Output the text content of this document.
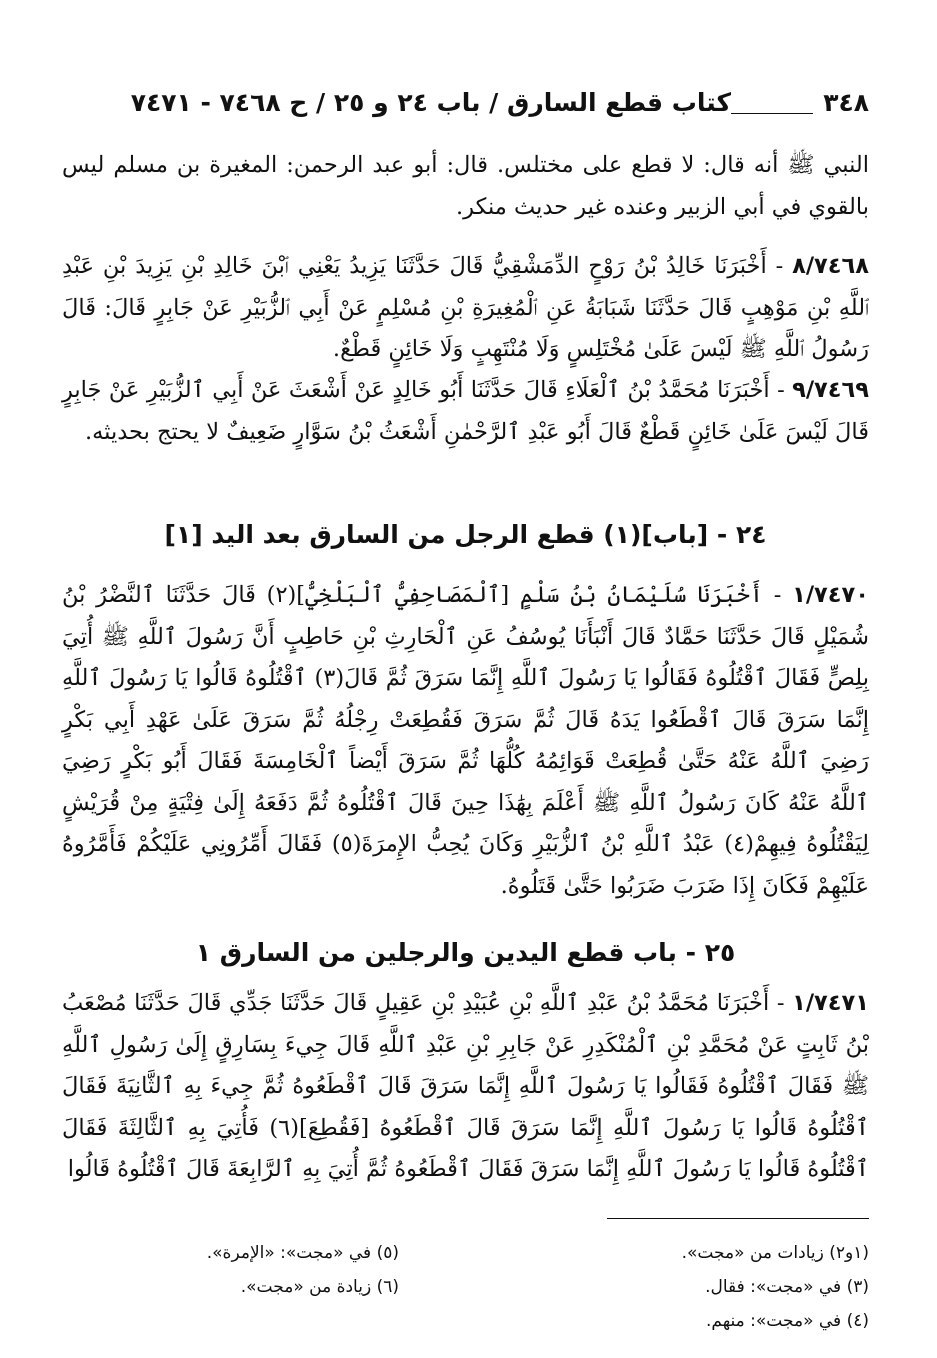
٣٤٨
كتاب قطع السارق / باب ٢٤ و ٢٥ / ح ٧٤٦٨ - ٧٤٧١

النبي ﷺ أنه قال: لا قطع على مختلس. قال: أبو عبد الرحمن: المغيرة بن مسلم ليس بالقوي في أبي الزبير وعنده غير حديث منكر.

٨/٧٤٦٨ - أَخْبَرَنَا خَالِدُ بْنُ رَوْحٍ الدِّمَشْقِيُّ قَالَ حَدَّثَنَا يَزِيدُ يَعْنِي ٱبْنَ خَالِدِ بْنِ يَزِيدَ بْنِ عَبْدِ ٱللَّهِ بْنِ مَوْهِبٍ قَالَ حَدَّثَنَا شَبَابَةُ عَنِ ٱلْمُغِيرَةِ بْنِ مُسْلِمٍ عَنْ أَبِي ٱلزُّبَيْرِ عَنْ جَابِرٍ قَالَ: قَالَ رَسُولُ ٱللَّهِ ﷺ لَيْسَ عَلَىٰ مُخْتَلِسٍ وَلَا مُنْتَهِبٍ وَلَا خَائِنٍ قَطْعٌ.

٩/٧٤٦٩ - أَخْبَرَنَا مُحَمَّدُ بْنُ ٱلْعَلَاءِ قَالَ حَدَّثَنَا أَبُو خَالِدٍ عَنْ أَشْعَثَ عَنْ أَبِي ٱلزُّبَيْرِ عَنْ جَابِرٍ قَالَ لَيْسَ عَلَىٰ خَائِنٍ قَطْعٌ قَالَ أَبُو عَبْدِ ٱلرَّحْمٰنِ أَشْعَثُ بْنُ سَوَّارٍ ضَعِيفٌ لا يحتج بحديثه.

٢٤ - [باب](١) قطع الرجل من السارق بعد اليد [١]

١/٧٤٧٠ - أَخْبَرَنَا سُلَيْمَانُ بْنُ سَلْمٍ [ٱلْمَصَاحِفِيُّ ٱلْبَلْخِيُّ](٢) قَالَ حَدَّثَنَا ٱلنَّضْرُ بْنُ شُمَيْلٍ قَالَ حَدَّثَنَا حَمَّادٌ قَالَ أَنْبَأَنَا يُوسُفُ عَنِ ٱلْحَارِثِ بْنِ حَاطِبٍ أَنَّ رَسُولَ ٱللَّهِ ﷺ أُتِيَ بِلِصٍّ فَقَالَ ٱقْتُلُوهُ فَقَالُوا يَا رَسُولَ ٱللَّهِ إِنَّمَا سَرَقَ ثُمَّ قَالَ(٣) ٱقْتُلُوهُ قَالُوا يَا رَسُولَ ٱللَّهِ إِنَّمَا سَرَقَ قَالَ ٱقْطَعُوا يَدَهُ قَالَ ثُمَّ سَرَقَ فَقُطِعَتْ رِجْلُهُ ثُمَّ سَرَقَ عَلَىٰ عَهْدِ أَبِي بَكْرٍ رَضِيَ ٱللَّهُ عَنْهُ حَتَّىٰ قُطِعَتْ قَوَائِمُهُ كُلُّهَا ثُمَّ سَرَقَ أَيْضاً ٱلْخَامِسَةَ فَقَالَ أَبُو بَكْرٍ رَضِيَ ٱللَّهُ عَنْهُ كَانَ رَسُولُ ٱللَّهِ ﷺ أَعْلَمَ بِهَٰذَا حِينَ قَالَ ٱقْتُلُوهُ ثُمَّ دَفَعَهُ إِلَىٰ فِتْيَةٍ مِنْ قُرَيْشٍ لِيَقْتُلُوهُ فِيهِمْ(٤) عَبْدُ ٱللَّهِ بْنُ ٱلزُّبَيْرِ وَكَانَ يُحِبُّ الإِمرَةَ(٥) فَقَالَ أَمِّرُونِي عَلَيْكُمْ فَأَمَّرُوهُ عَلَيْهِمْ فَكَانَ إِذَا ضَرَبَ ضَرَبُوا حَتَّىٰ قَتَلُوهُ.

٢٥ - باب قطع اليدين والرجلين من السارق ١

١/٧٤٧١ - أَخْبَرَنَا مُحَمَّدُ بْنُ عَبْدِ ٱللَّهِ بْنِ عُبَيْدِ بْنِ عَقِيلٍ قَالَ حَدَّثَنَا جَدِّي قَالَ حَدَّثَنَا مُصْعَبُ بْنُ ثَابِتٍ عَنْ مُحَمَّدِ بْنِ ٱلْمُنْكَدِرِ عَنْ جَابِرِ بْنِ عَبْدِ ٱللَّهِ قَالَ جِيءَ بِسَارِقٍ إِلَىٰ رَسُولِ ٱللَّهِ ﷺ فَقَالَ ٱقْتُلُوهُ فَقَالُوا يَا رَسُولَ ٱللَّهِ إِنَّمَا سَرَقَ قَالَ ٱقْطَعُوهُ ثُمَّ جِيءَ بِهِ ٱلثَّانِيَةَ فَقَالَ ٱقْتُلُوهُ قَالُوا يَا رَسُولَ ٱللَّهِ إِنَّمَا سَرَقَ قَالَ ٱقْطَعُوهُ [فَقُطِعَ](٦) فَأُتِيَ بِهِ ٱلثَّالِثَةَ فَقَالَ ٱقْتُلُوهُ قَالُوا يَا رَسُولَ ٱللَّهِ إِنَّمَا سَرَقَ فَقَالَ ٱقْطَعُوهُ ثُمَّ أُتِيَ بِهِ ٱلرَّابِعَةَ قَالَ ٱقْتُلُوهُ قَالُوا

(١و٢) زيادات من «مجت».
(٣) في «مجت»: فقال.
(٤) في «مجت»: منهم.
(٥) في «مجت»: «الإمرة».
(٦) زيادة من «مجت».
